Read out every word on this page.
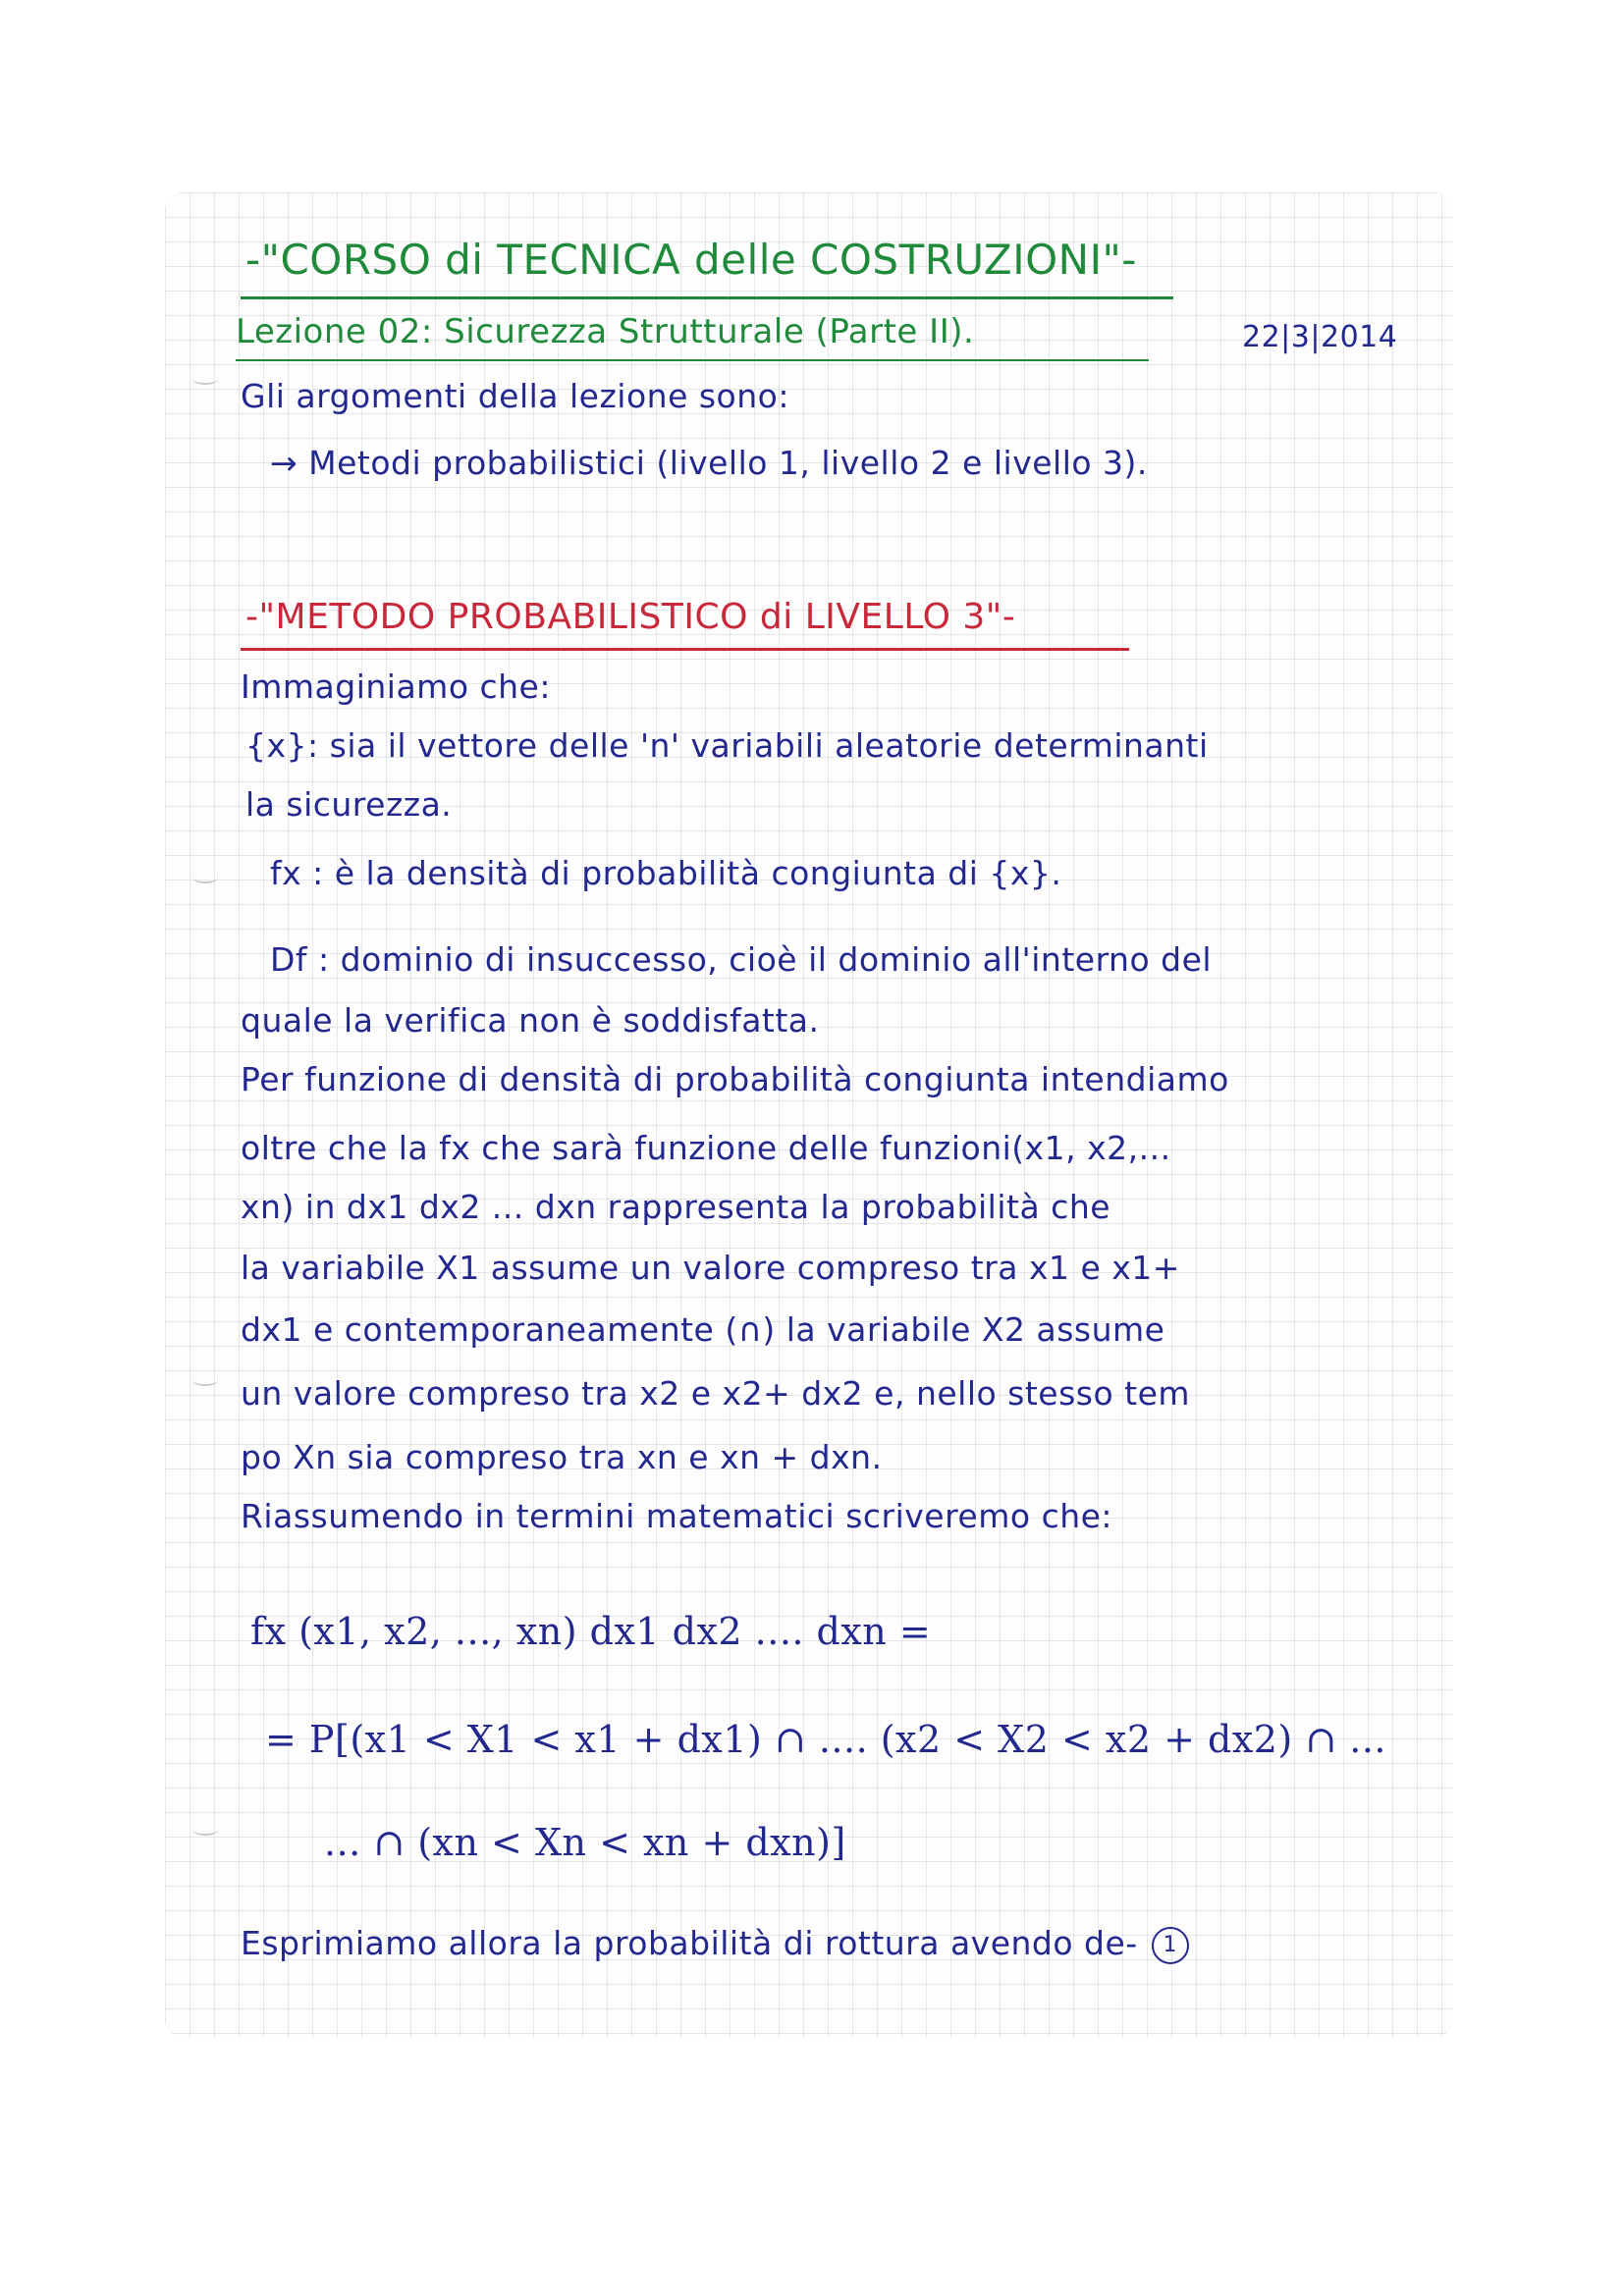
-"CORSO di TECNICA delle COSTRUZIONI"-

Lezione 02: Sicurezza Strutturale (Parte II).	22|3|2014

Gli argomenti della lezione sono:

→ Metodi probabilistici (livello 1, livello 2 e livello 3).

-"METODO PROBABILISTICO di LIVELLO 3"-

Immaginiamo che:

{x}: sia il vettore delle 'n' variabili aleatorie determinanti

la sicurezza.

fx : è la densità di probabilità congiunta di {x}.

Df : dominio di insuccesso, cioè il dominio all'interno del

quale la verifica non è soddisfatta.

Per funzione di densità di probabilità congiunta intendiamo

oltre che la fx che sarà funzione delle funzioni(x1, x2,...

xn) in dx1 dx2 ... dxn rappresenta la probabilità che

la variabile X1 assume un valore compreso tra x1 e x1+

dx1 e contemporaneamente (∩) la variabile X2 assume

un valore compreso tra x2 e x2+ dx2 e, nello stesso tem

po Xn sia compreso tra xn e xn + dxn.

Riassumendo in termini matematici scriveremo che:

fx (x1, x2, ..., xn) dx1 dx2 .... dxn =

= P[(x1 < X1 < x1 + dx1) ∩ .... (x2 < X2 < x2 + dx2) ∩ ...

... ∩ (xn < Xn < xn + dxn)]

Esprimiamo allora la probabilità di rottura avendo de- 1
